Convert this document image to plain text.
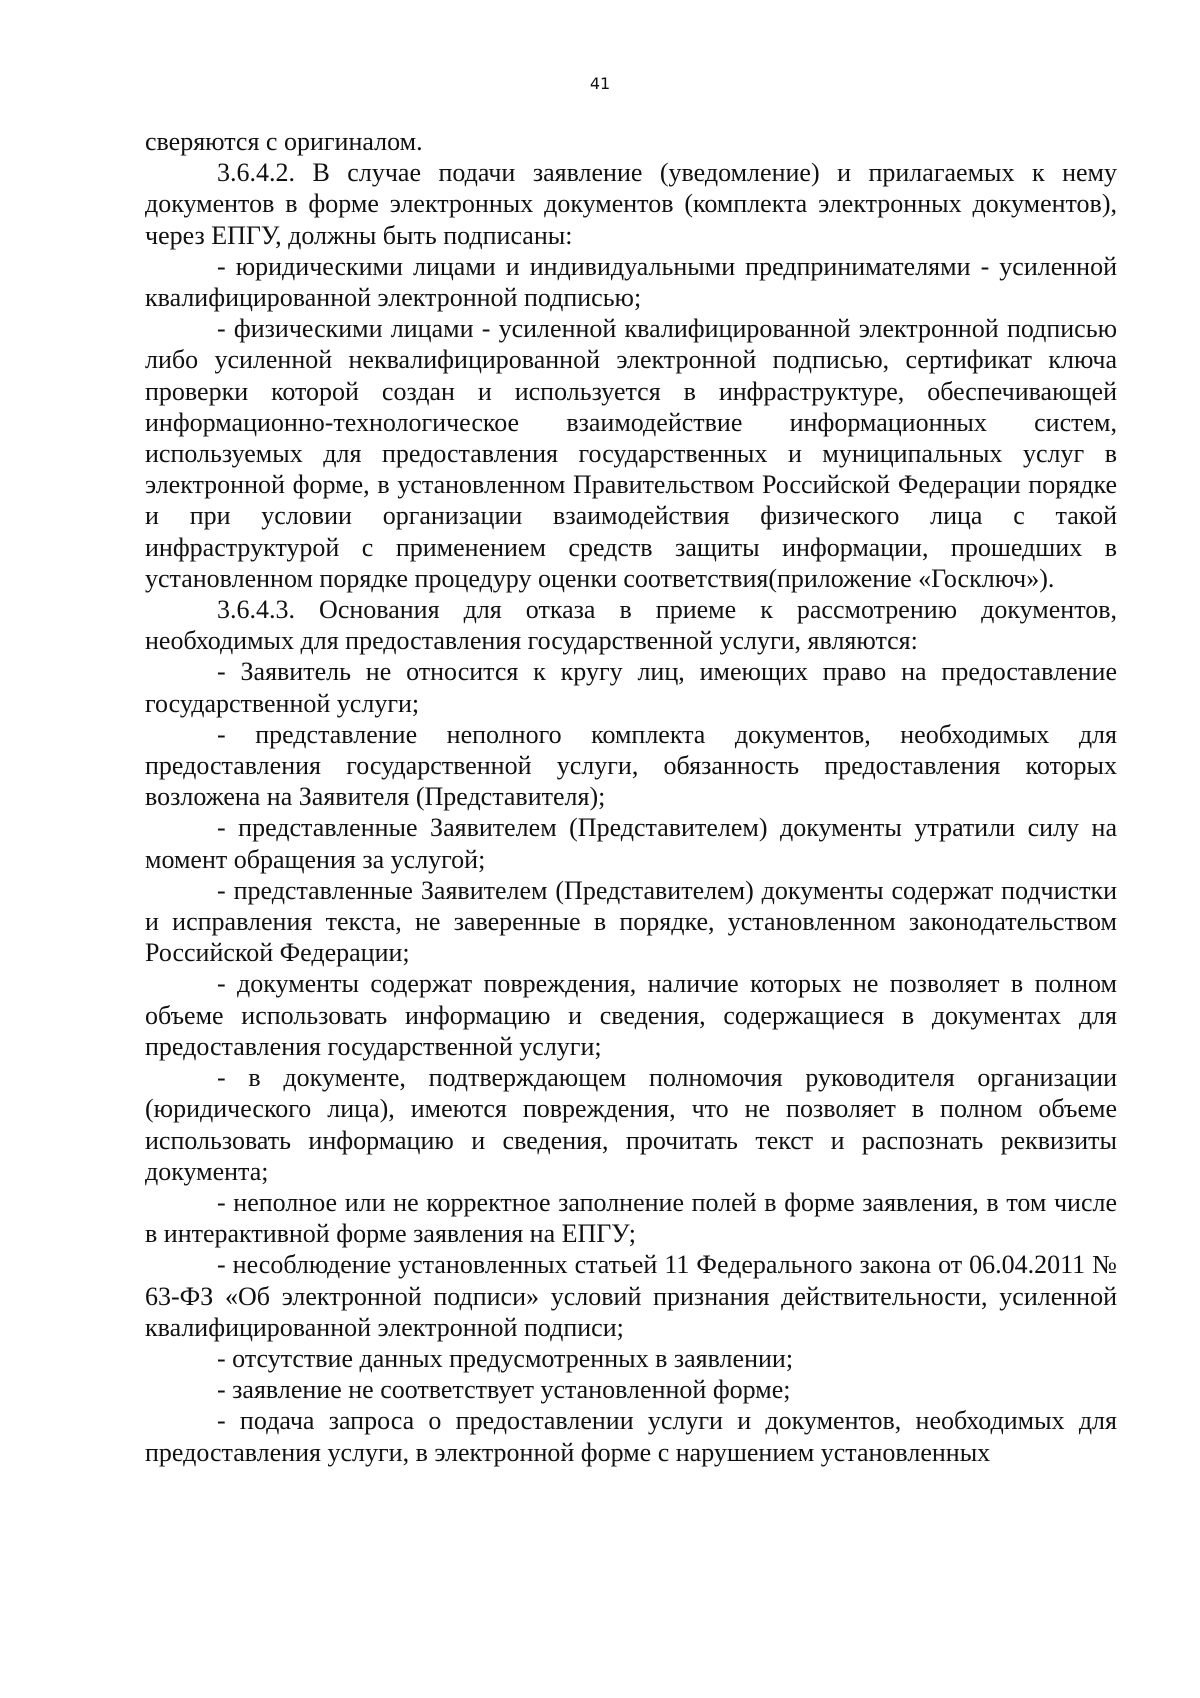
41

сверяются с оригиналом.

3.6.4.2. В случае подачи заявление (уведомление) и прилагаемых к нему документов в форме электронных документов (комплекта электронных документов), через ЕПГУ, должны быть подписаны:

- юридическими лицами и индивидуальными предпринимателями - усиленной квалифицированной электронной подписью;

- физическими лицами - усиленной квалифицированной электронной подписью либо усиленной неквалифицированной электронной подписью, сертификат ключа проверки которой создан и используется в инфраструктуре, обеспечивающей информационно-технологическое взаимодействие информационных систем, используемых для предоставления государственных и муниципальных услуг в электронной форме, в установленном Правительством Российской Федерации порядке и при условии организации взаимодействия физического лица с такой инфраструктурой с применением средств защиты информации, прошедших в установленном порядке процедуру оценки соответствия(приложение «Госключ»).

3.6.4.3. Основания для отказа в приеме к рассмотрению документов, необходимых для предоставления государственной услуги, являются:

- Заявитель не относится к кругу лиц, имеющих право на предоставление государственной услуги;

- представление неполного комплекта документов, необходимых для предоставления государственной услуги, обязанность предоставления которых возложена на Заявителя (Представителя);

- представленные Заявителем (Представителем) документы утратили силу на момент обращения за услугой;

- представленные Заявителем (Представителем) документы содержат подчистки и исправления текста, не заверенные в порядке, установленном законодательством Российской Федерации;

- документы содержат повреждения, наличие которых не позволяет в полном объеме использовать информацию и сведения, содержащиеся в документах для предоставления государственной услуги;

- в документе, подтверждающем полномочия руководителя организации (юридического лица), имеются повреждения, что не позволяет в полном объеме использовать информацию и сведения, прочитать текст и распознать реквизиты документа;

- неполное или не корректное заполнение полей в форме заявления, в том числе в интерактивной форме заявления на ЕПГУ;

- несоблюдение установленных статьей 11 Федерального закона от 06.04.2011 № 63-ФЗ «Об электронной подписи» условий признания действительности, усиленной квалифицированной электронной подписи;

- отсутствие данных предусмотренных в заявлении;

- заявление не соответствует установленной форме;

- подача запроса о предоставлении услуги и документов, необходимых для предоставления услуги, в электронной форме с нарушением установленных
